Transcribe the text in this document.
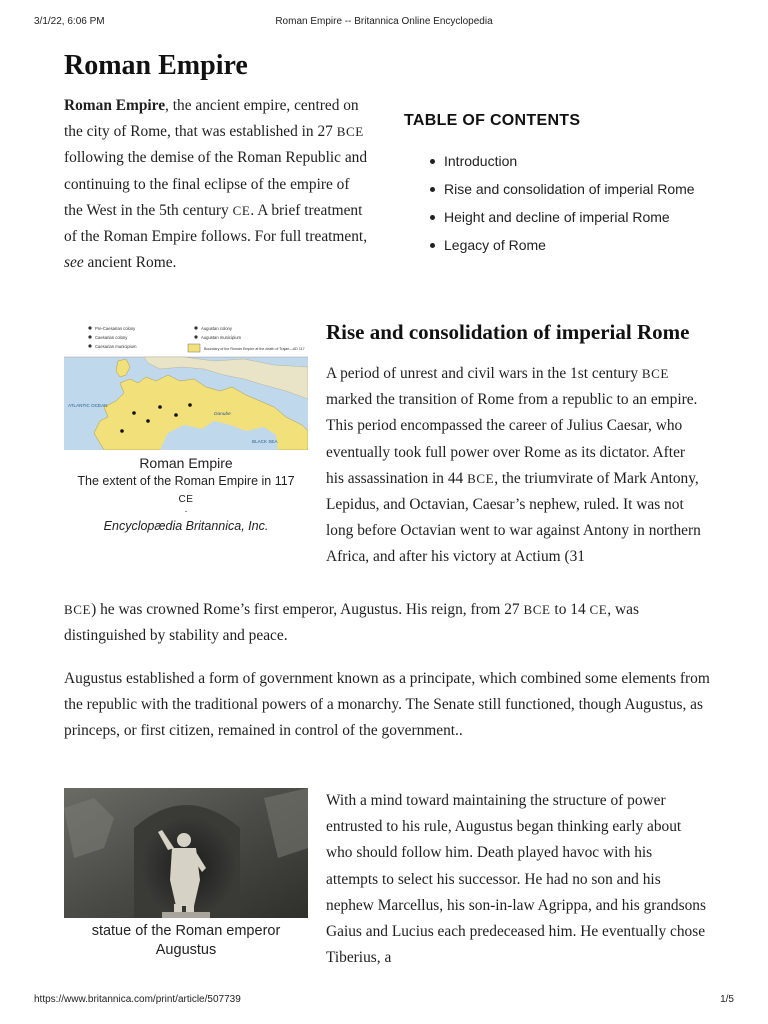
3/1/22, 6:06 PM	Roman Empire -- Britannica Online Encyclopedia
Roman Empire

Roman Empire, the ancient empire, centred on the city of Rome, that was established in 27 BCE following the demise of the Roman Republic and continuing to the final eclipse of the empire of the West in the 5th century CE. A brief treatment of the Roman Empire follows. For full treatment, see ancient Rome.

TABLE OF CONTENTS

Introduction
Rise and consolidation of imperial Rome
Height and decline of imperial Rome
Legacy of Rome
Pre-Caesarian colony
Caesarian colony
Caesarian municipium
Augustan colony
Augustan municipium
Boundary of the Roman Empire at the death of Trajan—AD 117
ATLANTIC OCEAN
Danube
BLACK SEA
Roman Empire
The extent of the Roman Empire in 117
CE
.
Encyclopædia Britannica, Inc.
Rise and consolidation of imperial Rome

A period of unrest and civil wars in the 1st century BCE marked the transition of Rome from a republic to an empire. This period encompassed the career of Julius Caesar, who eventually took full power over Rome as its dictator. After his assassination in 44 BCE, the triumvirate of Mark Antony, Lepidus, and Octavian, Caesar’s nephew, ruled. It was not long before Octavian went to war against Antony in northern Africa, and after his victory at Actium (31

BCE) he was crowned Rome’s first emperor, Augustus. His reign, from 27 BCE to 14 CE, was distinguished by stability and peace.

Augustus established a form of government known as a principate, which combined some elements from the republic with the traditional powers of a monarchy. The Senate still functioned, though Augustus, as princeps, or first citizen, remained in control of the government..

statue of the Roman emperor Augustus

With a mind toward maintaining the structure of power entrusted to his rule, Augustus began thinking early about who should follow him. Death played havoc with his attempts to select his successor. He had no son and his nephew Marcellus, his son-in-law Agrippa, and his grandsons Gaius and Lucius each predeceased him. He eventually chose Tiberius, a

https://www.britannica.com/print/article/507739	1/5
